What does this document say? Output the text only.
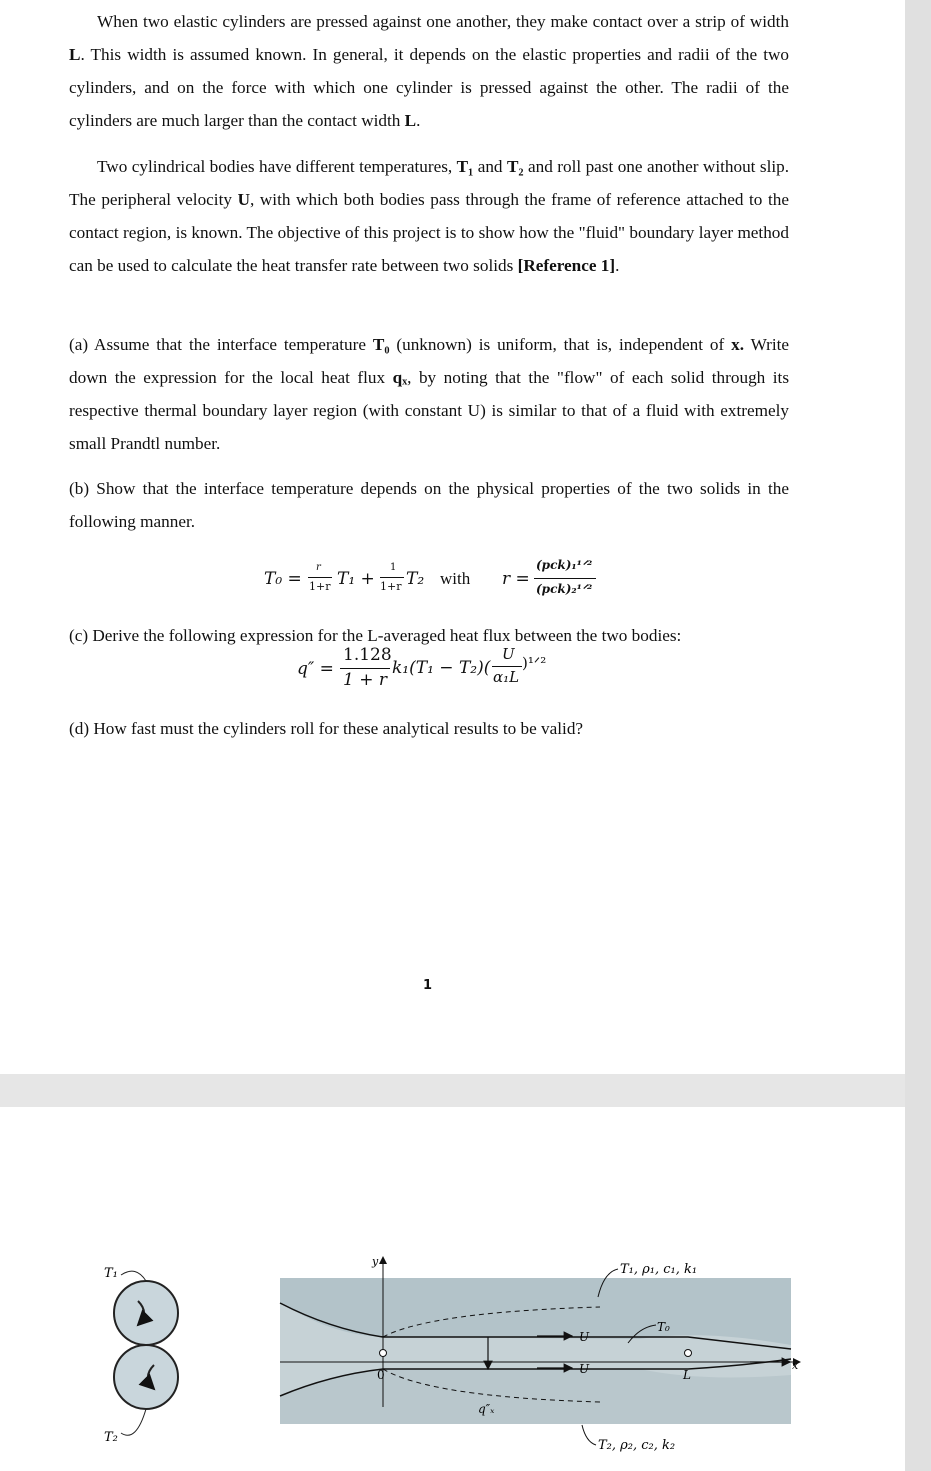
When two elastic cylinders are pressed against one another, they make contact over a strip of width L. This width is assumed known. In general, it depends on the elastic properties and radii of the two cylinders, and on the force with which one cylinder is pressed against the other. The radii of the cylinders are much larger than the contact width L.

Two cylindrical bodies have different temperatures, T₁ and T₂ and roll past one another without slip. The peripheral velocity U, with which both bodies pass through the frame of reference attached to the contact region, is known. The objective of this project is to show how the "fluid" boundary layer method can be used to calculate the heat transfer rate between two solids [Reference 1].

(a) Assume that the interface temperature T₀ (unknown) is uniform, that is, independent of x. Write down the expression for the local heat flux qₓ, by noting that the "flow" of each solid through its respective thermal boundary layer region (with constant U) is similar to that of a fluid with extremely small Prandtl number.

(b) Show that the interface temperature depends on the physical properties of the two solids in the following manner.

T₀ =
r
1+r T₁ +
1
1+r T₂ with r =
(pck)₁¹ᐟ²
(pck)₂¹ᐟ²

(c) Derive the following expression for the L-averaged heat flux between the two bodies:

q″ =
1.128
1 + r
k₁(T₁ − T₂)(
U
α₁L
)¹ᐟ²

(d) How fast must the cylinders roll for these analytical results to be valid?

1
T₁
T₂
y
x
0	L
U
U
T₀
q″ₓ
T₁, ρ₁, c₁, k₁
T₂, ρ₂, c₂, k₂
